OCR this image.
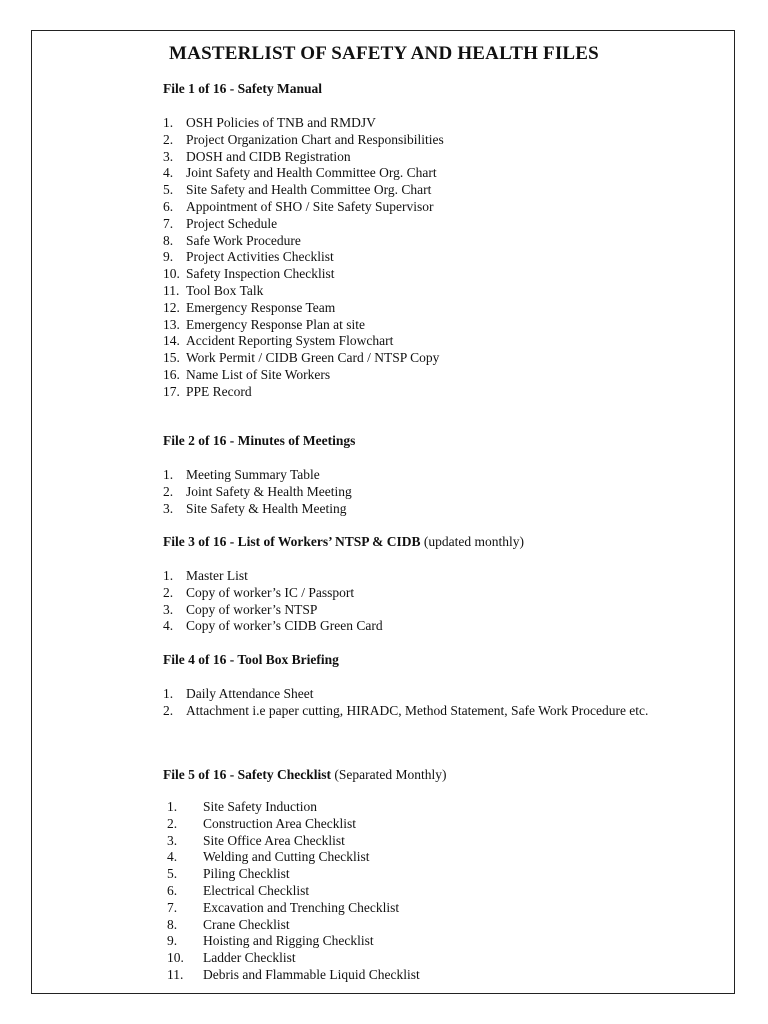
MASTERLIST OF SAFETY AND HEALTH FILES
File 1 of 16 - Safety Manual
1. OSH Policies of TNB and RMDJV
2. Project Organization Chart and Responsibilities
3. DOSH and CIDB Registration
4. Joint Safety and Health Committee Org. Chart
5. Site Safety and Health Committee Org. Chart
6. Appointment of SHO / Site Safety Supervisor
7. Project Schedule
8. Safe Work Procedure
9. Project Activities Checklist
10. Safety Inspection Checklist
11. Tool Box Talk
12. Emergency Response Team
13. Emergency Response Plan at site
14. Accident Reporting System Flowchart
15. Work Permit / CIDB Green Card / NTSP Copy
16. Name List of Site Workers
17. PPE Record
File 2 of 16 - Minutes of Meetings
1. Meeting Summary Table
2. Joint Safety & Health Meeting
3. Site Safety & Health Meeting
File 3 of 16 - List of Workers’ NTSP & CIDB (updated monthly)
1. Master List
2. Copy of worker’s IC / Passport
3. Copy of worker’s NTSP
4. Copy of worker’s CIDB Green Card
File 4 of 16 - Tool Box Briefing
1. Daily Attendance Sheet
2. Attachment i.e paper cutting, HIRADC, Method Statement, Safe Work Procedure etc.
File 5 of 16 - Safety Checklist (Separated Monthly)
1. Site Safety Induction
2. Construction Area Checklist
3. Site Office Area Checklist
4. Welding and Cutting Checklist
5. Piling Checklist
6. Electrical Checklist
7. Excavation and Trenching Checklist
8. Crane Checklist
9. Hoisting and Rigging Checklist
10. Ladder Checklist
11. Debris and Flammable Liquid Checklist
